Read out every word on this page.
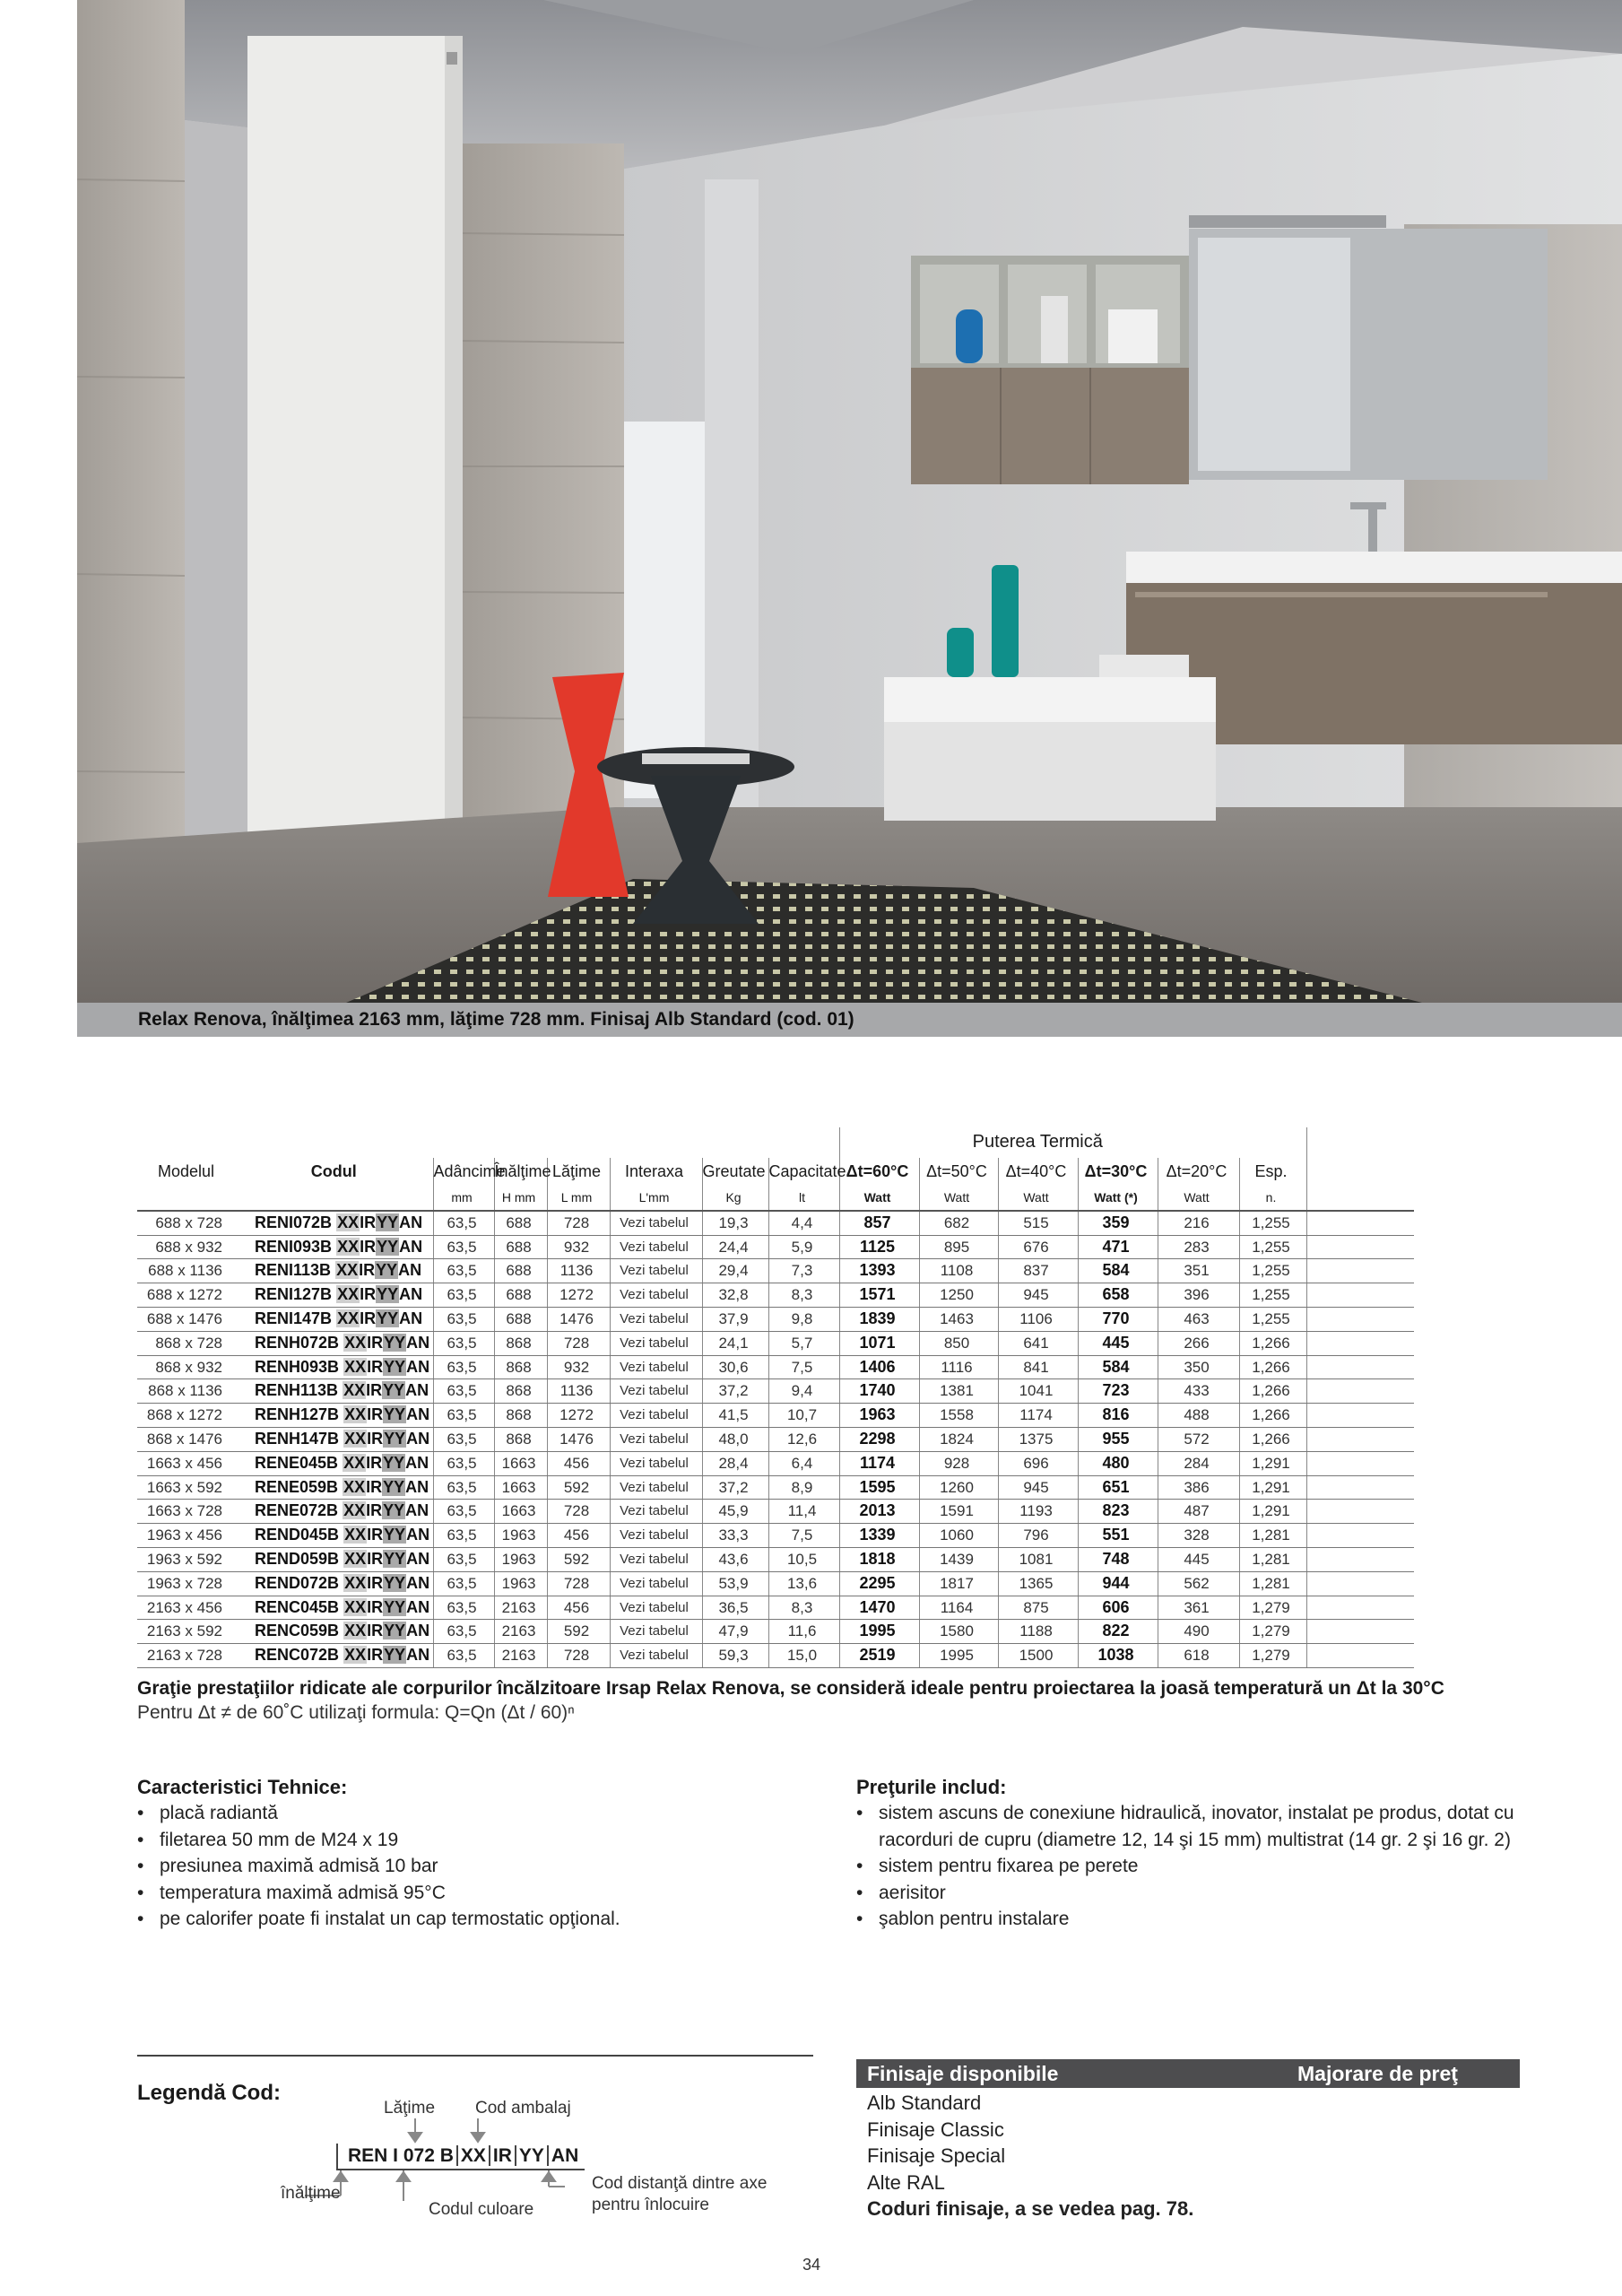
Relax Renova, înălţimea 2163 mm, lăţime 728 mm. Finisaj Alb Standard (cod. 01)
								Puterea Termică						
Modelul	Codul	Adâncime	Înălţime	Lăţime	Interaxa	Greutate	Capacitate	Δt=60°C	Δt=50°C	Δt=40°C	Δt=30°C	Δt=20°C	Esp.	
		mm	H mm	L mm	L'mm	Kg	lt	Watt	Watt	Watt	Watt (*)	Watt	n.	
688 x 728	RENI072B XXIRYYAN	63,5	688	728	Vezi tabelul	19,3	4,4	857	682	515	359	216	1,255	
688 x 932	RENI093B XXIRYYAN	63,5	688	932	Vezi tabelul	24,4	5,9	1125	895	676	471	283	1,255	
688 x 1136	RENI113B XXIRYYAN	63,5	688	1136	Vezi tabelul	29,4	7,3	1393	1108	837	584	351	1,255	
688 x 1272	RENI127B XXIRYYAN	63,5	688	1272	Vezi tabelul	32,8	8,3	1571	1250	945	658	396	1,255	
688 x 1476	RENI147B XXIRYYAN	63,5	688	1476	Vezi tabelul	37,9	9,8	1839	1463	1106	770	463	1,255	
868 x 728	RENH072B XXIRYYAN	63,5	868	728	Vezi tabelul	24,1	5,7	1071	850	641	445	266	1,266	
868 x 932	RENH093B XXIRYYAN	63,5	868	932	Vezi tabelul	30,6	7,5	1406	1116	841	584	350	1,266	
868 x 1136	RENH113B XXIRYYAN	63,5	868	1136	Vezi tabelul	37,2	9,4	1740	1381	1041	723	433	1,266	
868 x 1272	RENH127B XXIRYYAN	63,5	868	1272	Vezi tabelul	41,5	10,7	1963	1558	1174	816	488	1,266	
868 x 1476	RENH147B XXIRYYAN	63,5	868	1476	Vezi tabelul	48,0	12,6	2298	1824	1375	955	572	1,266	
1663 x 456	RENE045B XXIRYYAN	63,5	1663	456	Vezi tabelul	28,4	6,4	1174	928	696	480	284	1,291	
1663 x 592	RENE059B XXIRYYAN	63,5	1663	592	Vezi tabelul	37,2	8,9	1595	1260	945	651	386	1,291	
1663 x 728	RENE072B XXIRYYAN	63,5	1663	728	Vezi tabelul	45,9	11,4	2013	1591	1193	823	487	1,291	
1963 x 456	REND045B XXIRYYAN	63,5	1963	456	Vezi tabelul	33,3	7,5	1339	1060	796	551	328	1,281	
1963 x 592	REND059B XXIRYYAN	63,5	1963	592	Vezi tabelul	43,6	10,5	1818	1439	1081	748	445	1,281	
1963 x 728	REND072B XXIRYYAN	63,5	1963	728	Vezi tabelul	53,9	13,6	2295	1817	1365	944	562	1,281	
2163 x 456	RENC045B XXIRYYAN	63,5	2163	456	Vezi tabelul	36,5	8,3	1470	1164	875	606	361	1,279	
2163 x 592	RENC059B XXIRYYAN	63,5	2163	592	Vezi tabelul	47,9	11,6	1995	1580	1188	822	490	1,279	
2163 x 728	RENC072B XXIRYYAN	63,5	2163	728	Vezi tabelul	59,3	15,0	2519	1995	1500	1038	618	1,279	
Graţie prestaţiilor ridicate ale corpurilor încălzitoare Irsap Relax Renova, se consideră ideale pentru proiectarea la joasă temperatură un Δt la 30°C
Pentru Δt ≠ de 60˚C utilizaţi formula: Q=Qn (Δt / 60)ⁿ
Caracteristici Tehnice:
• placă radiantă
• filetarea 50 mm de M24 x 19
• presiunea maximă admisă 10 bar
• temperatura maximă admisă 95°C
• pe calorifer poate fi instalat un cap termostatic opţional.
Preţurile includ:
• sistem ascuns de conexiune hidraulică, inovator, instalat pe produs, dotat cu racorduri de cupru (diametre 12, 14 şi 15 mm) multistrat (14 gr. 2 şi 16 gr. 2)
• sistem pentru fixarea pe perete
• aerisitor
• şablon pentru instalare
Legendă Cod:
Lăţime Cod ambalaj
REN I 072 B XX IR YY AN
înălţime
Codul culoare
Cod distanţă dintre axe
pentru înlocuire
Finisaje disponibile	Majorare de preţ
Alb Standard
Finisaje Classic
Finisaje Special
Alte RAL
Coduri finisaje, a se vedea pag. 78.
34
